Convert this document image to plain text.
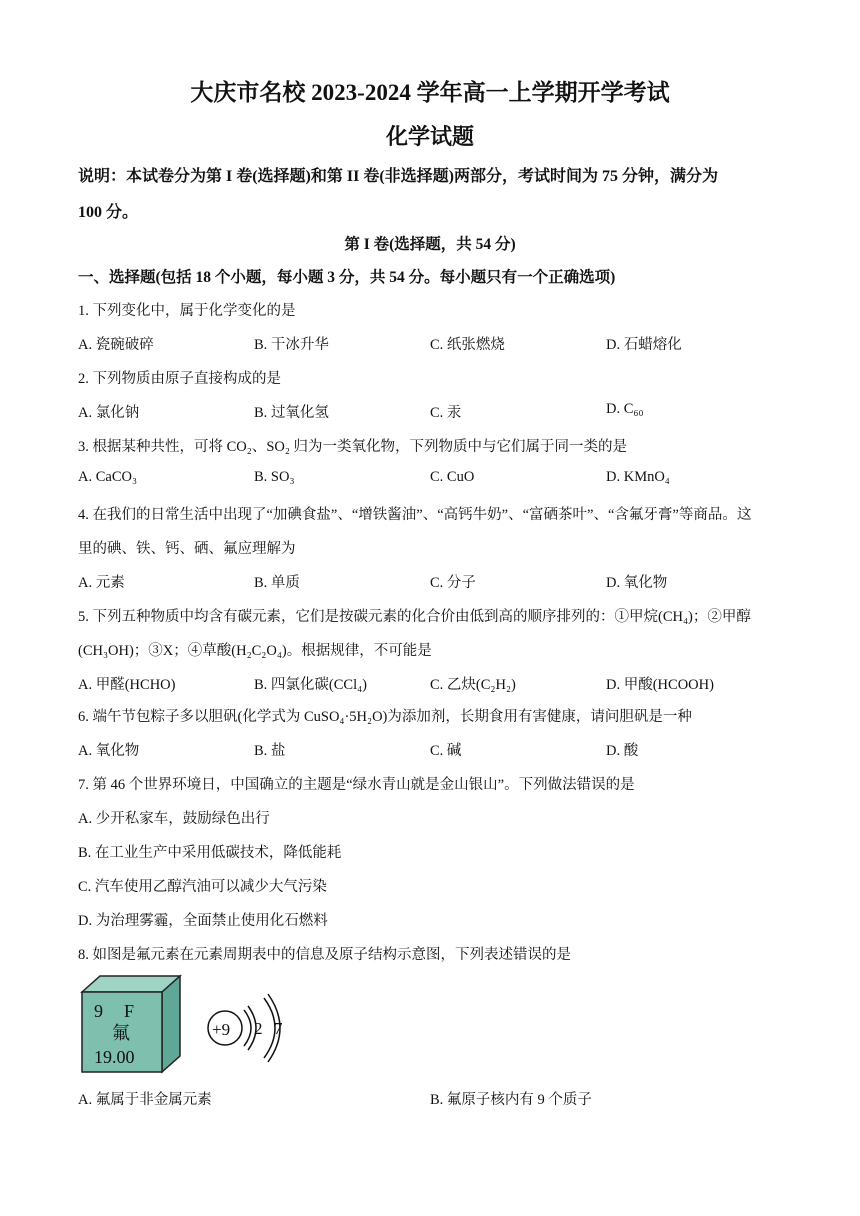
大庆市名校 2023-2024 学年高一上学期开学考试
化学试题
说明：本试卷分为第 I 卷(选择题)和第 II 卷(非选择题)两部分，考试时间为 75 分钟，满分为
100 分。
第 I 卷(选择题，共 54 分)
一、选择题(包括 18 个小题，每小题 3 分，共 54 分。每小题只有一个正确选项)
1. 下列变化中，属于化学变化的是
A. 瓷碗破碎	B. 干冰升华	C. 纸张燃烧	D. 石蜡熔化
2. 下列物质由原子直接构成的是
A. 氯化钠	B. 过氧化氢	C. 汞	D. C₆₀
3. 根据某种共性，可将 CO₂、SO₂ 归为一类氧化物，下列物质中与它们属于同一类的是
A. CaCO₃	B. SO₃	C. CuO	D. KMnO₄
4. 在我们的日常生活中出现了“加碘食盐”、“增铁酱油”、“高钙牛奶”、“富硒茶叶”、“含氟牙膏”等商品。这
里的碘、铁、钙、硒、氟应理解为
A. 元素	B. 单质	C. 分子	D. 氧化物
5. 下列五种物质中均含有碳元素，它们是按碳元素的化合价由低到高的顺序排列的：①甲烷(CH₄)；②甲醇
(CH₃OH)；③X；④草酸(H₂C₂O₄)。根据规律，不可能是
A. 甲醛(HCHO)	B. 四氯化碳(CCl₄)	C. 乙炔(C₂H₂)	D. 甲酸(HCOOH)
6. 端午节包粽子多以胆矾(化学式为 CuSO₄·5H₂O)为添加剂，长期食用有害健康，请问胆矾是一种
A. 氧化物	B. 盐	C. 碱	D. 酸
7. 第 46 个世界环境日，中国确立的主题是“绿水青山就是金山银山”。下列做法错误的是
A. 少开私家车，鼓励绿色出行
B. 在工业生产中采用低碳技术，降低能耗
C. 汽车使用乙醇汽油可以减少大气污染
D. 为治理雾霾，全面禁止使用化石燃料
8. 如图是氟元素在元素周期表中的信息及原子结构示意图，下列表述错误的是
9 F
氟
19.00
+9 2 7
A. 氟属于非金属元素	B. 氟原子核内有 9 个质子
